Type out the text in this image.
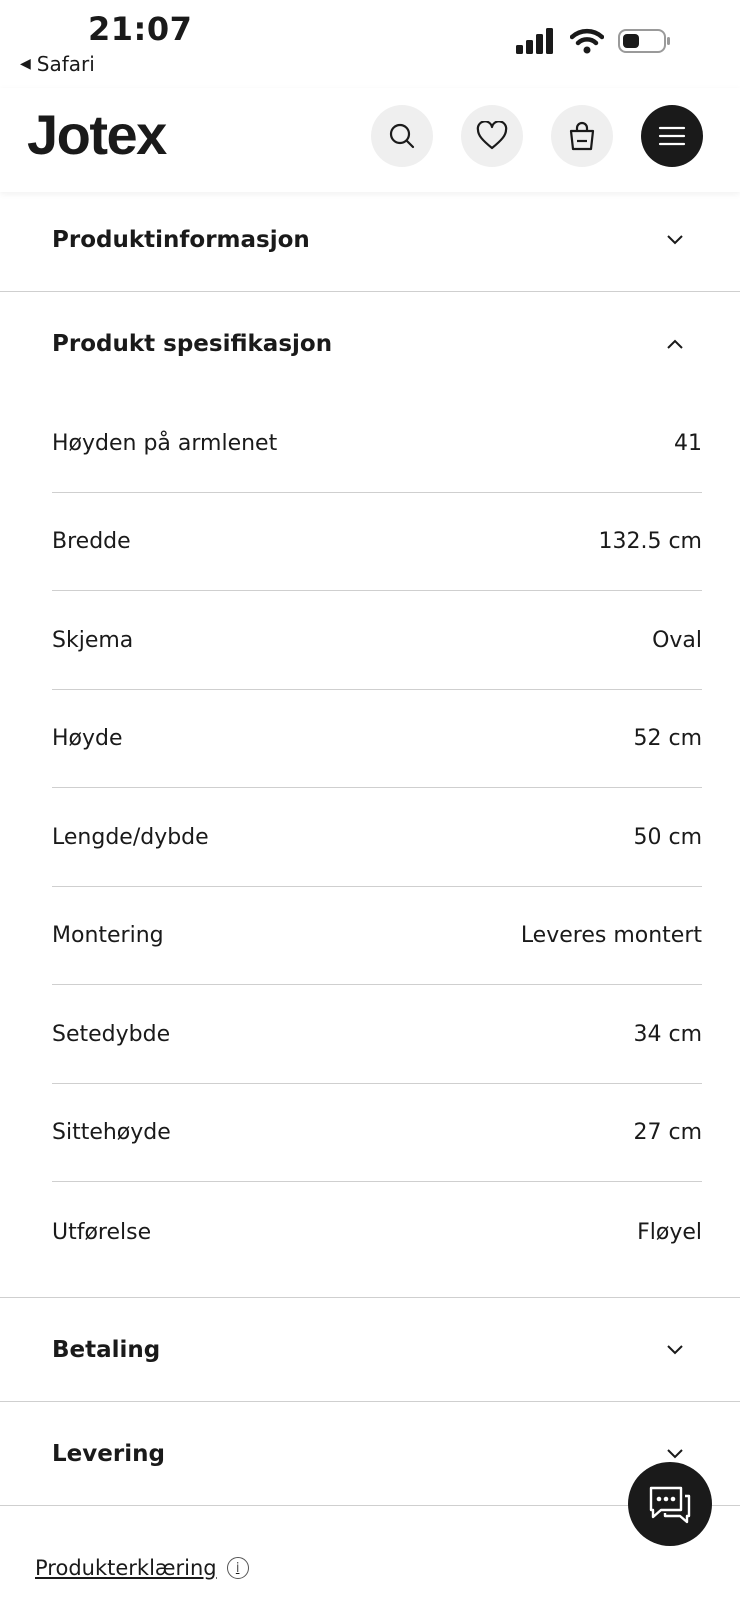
21:07
◀ Safari
Jotex
Produktinformasjon
Produkt spesifikasjon
Høyden på armlenet	41
Bredde	132.5 cm
Skjema	Oval
Høyde	52 cm
Lengde/dybde	50 cm
Montering	Leveres montert
Setedybde	34 cm
Sittehøyde	27 cm
Utførelse	Fløyel
Betaling
Levering
Produkterklæring	i
